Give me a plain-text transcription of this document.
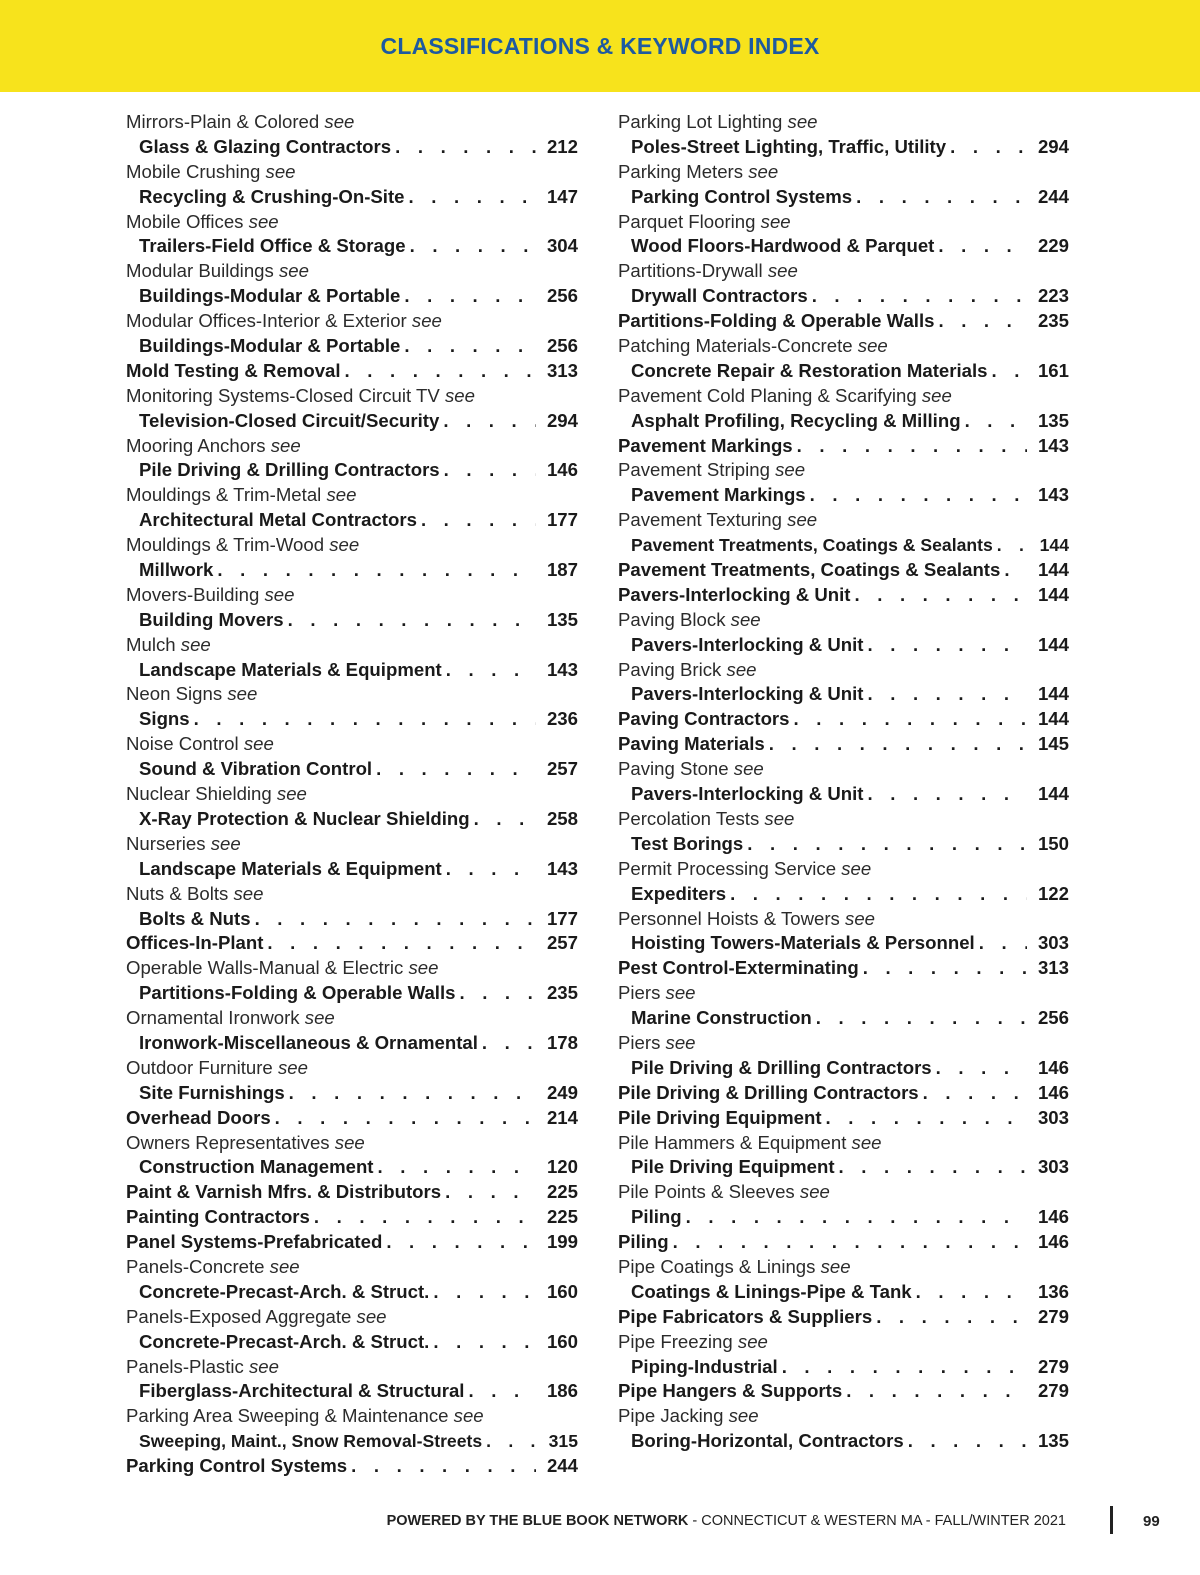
CLASSIFICATIONS & KEYWORD INDEX
Mirrors-Plain & Colored see
Glass & Glazing Contractors . . .	212
Mobile Crushing see
Recycling & Crushing-On-Site . . .	147
Mobile Offices see
Trailers-Field Office & Storage . . .	304
Modular Buildings see
Buildings-Modular & Portable . . .	256
Modular Offices-Interior & Exterior see
Buildings-Modular & Portable . . .	256
Mold Testing & Removal . . .	313
Monitoring Systems-Closed Circuit TV see
Television-Closed Circuit/Security . . .	294
Mooring Anchors see
Pile Driving & Drilling Contractors . . .	146
Mouldings & Trim-Metal see
Architectural Metal Contractors . . .	177
Mouldings & Trim-Wood see
Millwork . . .	187
Movers-Building see
Building Movers . . .	135
Mulch see
Landscape Materials & Equipment . . .	143
Neon Signs see
Signs . . .	236
Noise Control see
Sound & Vibration Control . . .	257
Nuclear Shielding see
X-Ray Protection & Nuclear Shielding . . .	258
Nurseries see
Landscape Materials & Equipment . . .	143
Nuts & Bolts see
Bolts & Nuts . . .	177
Offices-In-Plant . . .	257
Operable Walls-Manual & Electric see
Partitions-Folding & Operable Walls . . .	235
Ornamental Ironwork see
Ironwork-Miscellaneous & Ornamental . . .	178
Outdoor Furniture see
Site Furnishings . . .	249
Overhead Doors . . .	214
Owners Representatives see
Construction Management . . .	120
Paint & Varnish Mfrs. & Distributors . . .	225
Painting Contractors . . .	225
Panel Systems-Prefabricated . . .	199
Panels-Concrete see
Concrete-Precast-Arch. & Struct. . . .	160
Panels-Exposed Aggregate see
Concrete-Precast-Arch. & Struct. . . .	160
Panels-Plastic see
Fiberglass-Architectural & Structural . . .	186
Parking Area Sweeping & Maintenance see
Sweeping, Maint., Snow Removal-Streets . . .	315
Parking Control Systems . . .	244
Parking Lot Lighting see
Poles-Street Lighting, Traffic, Utility . . .	294
Parking Meters see
Parking Control Systems . . .	244
Parquet Flooring see
Wood Floors-Hardwood & Parquet . . .	229
Partitions-Drywall see
Drywall Contractors . . .	223
Partitions-Folding & Operable Walls . . .	235
Patching Materials-Concrete see
Concrete Repair & Restoration Materials . . .	161
Pavement Cold Planing & Scarifying see
Asphalt Profiling, Recycling & Milling . . .	135
Pavement Markings . . .	143
Pavement Striping see
Pavement Markings . . .	143
Pavement Texturing see
Pavement Treatments, Coatings & Sealants . . .	144
Pavement Treatments, Coatings & Sealants . . .	144
Pavers-Interlocking & Unit . . .	144
Paving Block see
Pavers-Interlocking & Unit . . .	144
Paving Brick see
Pavers-Interlocking & Unit . . .	144
Paving Contractors . . .	144
Paving Materials . . .	145
Paving Stone see
Pavers-Interlocking & Unit . . .	144
Percolation Tests see
Test Borings . . .	150
Permit Processing Service see
Expediters . . .	122
Personnel Hoists & Towers see
Hoisting Towers-Materials & Personnel . . .	303
Pest Control-Exterminating . . .	313
Piers see
Marine Construction . . .	256
Piers see
Pile Driving & Drilling Contractors . . .	146
Pile Driving & Drilling Contractors . . .	146
Pile Driving Equipment . . .	303
Pile Hammers & Equipment see
Pile Driving Equipment . . .	303
Pile Points & Sleeves see
Piling . . .	146
Piling . . .	146
Pipe Coatings & Linings see
Coatings & Linings-Pipe & Tank . . .	136
Pipe Fabricators & Suppliers . . .	279
Pipe Freezing see
Piping-Industrial . . .	279
Pipe Hangers & Supports . . .	279
Pipe Jacking see
Boring-Horizontal, Contractors . . .	135
POWERED BY THE BLUE BOOK NETWORK - CONNECTICUT & WESTERN MA - FALL/WINTER 2021	99
